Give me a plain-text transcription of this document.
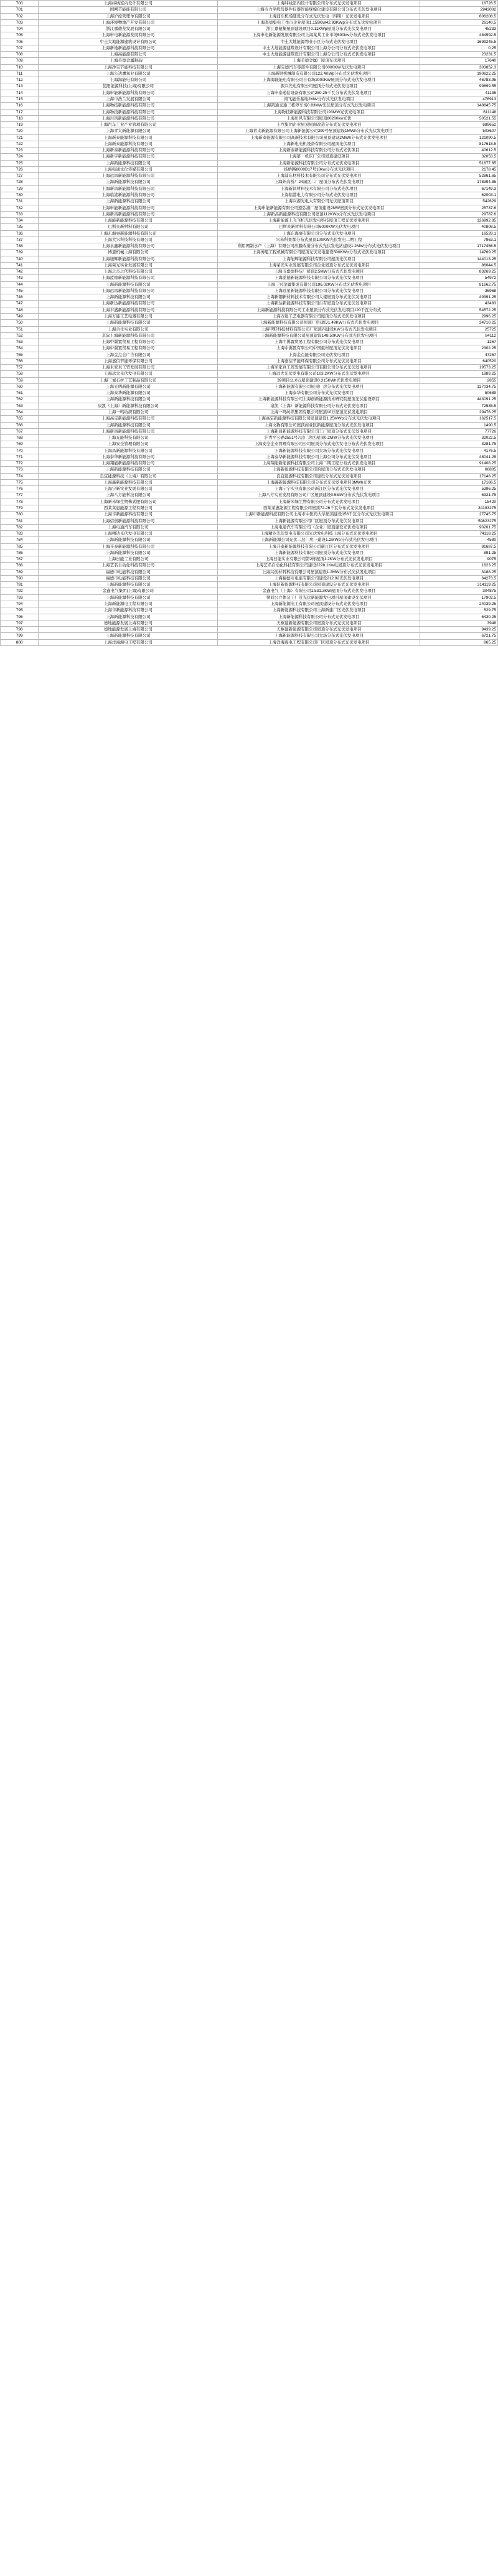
700	上海纬线室内设计有限公司	上海纬线室内设计有限公司分布式光伏发电项目	16726.5
701	国网节能能有限公司	上海市力学股份器件仪器智能规模化建设有限公司分布式光伏发电项目	2943002
702	上海沪控管理单有限公司	上海浦东机场随设分布式光伏发电（四期）光伏发电项目	606208.5
703	上海环境物地产开发有限公司	上海查德集电工作市企业屋顶1.159KW42.93KWp分布式光伏发电项目	26140.5
704	浙江嘉德龙发展有限公司	浙江嘉德集屋顶建设项目0.11KWp屋顶分布式光伏发电项目	45233
705	上海申电新能源发展有限公司	上海申电新能源发展有限公司上海某某工业市场500kw分布式光伏发电项目	484992.5
706	中土大地能源建筑设计有限公司	中土大地能源物业小区分布式光伏发电项目	1699245.5
707	上海新地新能源科技有限公司	中土大地能源建筑设计有限公司上海分公司分布式光伏发电项目	0.25
708	上海高能源有限公司	中土大地能源建筑设计有限公司上海分公司分布式光伏发电项目	23231.5
709	上海美德金属制品厂	上海美德金属厂屋顶光伏项目	17640
710	上海净宝节能科技有限公司	上海宝德汽车零部件有限公司6000KW光伏发电项目	303852.3
711	上海公达鹰氧业有限公司	上海新钢机械制造有限公司122.4KWp分布式光伏发电项目	190622.25
712	上海海能电有限公司	上海海能能电有限公司自有场2000KW屋顶分布式光伏发电项目	46783.95
713	优阳能源科技(上海)有限公司	振兴光电有限公司屋顶分布式光伏发电项目	99899.55
714	上海申能新能源科技有限公司	上海申泰通信设备有限公司250.25千瓦分布式光伏发电项目	41136
715	上海市浩兰发展有限公司	南飞能乐基地2MW分布式光伏发电项目	476913
716	上海物技新能源科技有限公司	上海凯通交通三栋停车场0.83MW光伏屋顶分布式光伏发电项目	148845.75
717	上海物技新能源科技有限公司	上海物技新能源科技有限公司193MW光伏发电项目	611148
718	上海川风新能源科技有限公司	上海川风有限公司屋顶80200kw光伏	50521.55
719	上海汽车工业产业管理有限公司	上汽集团企业屋顶屋面改造分布式光伏发电项目	689652
720	上海青太新能源有限公司	上海青太新能源有限公司上海新能源公司399号屋顶建设1MWh分布式光伏发电项目	503607
721	上海新泰能源科技有限公司	上海新泰能源有限公司高新技术有限公司屋顶建设2MWh分布式光伏发电项目	121090.5
722	上海新泰能源科技有限公司	上海新电电机设备有限公司屋顶光伏项目	817618.5
723	上海新泰新能源科技有限公司	上海新泰新能源科技有限公司分布式光伏项目	40612.5
724	上海新宇新能源科技有限公司	上海第一机床厂公司屋顶建设项目	32053.5
725	上海新能源科技有限公司	上海新能源科技有限公司分布式光伏发电项目	51877.65
726	上海电通文化传媒有限公司	杨桥路8000B17号10kw分布式光伏项目	2178.45
727	上海远昌新能源科技有限公司	上海浦东材料技术有限公司分布式光伏发电项目	52861.65
728	上海新能源科技有限公司	上海外高桥厂24届区二厂屋顶分布式光伏发电项目	178394.85
729	上海新昌新能源科技有限公司	上海新昌材料技术有限公司分布式光伏项目	67149.3
730	上海临港新能源科技有限公司	上海临港电力有限公司分布式光伏发电项目	62003.1
731	上海新能源科技有限公司	上海兴源光电大有限公司光伏屋顶项目	542629
732	上海申能新能源科技有限公司	上海申能新能源有限公司遵弘浦厂屋顶建设2MW屋顶分布式光伏发电项目	25737.6
733	上海新昌新能源科技有限公司	上海新昌新能源科技有限公司屋顶112KWp分布式光伏发电项目	29787.6
734	上海能新能源科技有限公司	上海新能源上飞飞机光伏发电科技屋顶工程光伏发电项目	126992.85
735	巴斯夫新材料有限公司	巴斯夫新材料有限公司6000KW光伏发电项目	40808.5
736	上海东海事新能源科技有限公司	上海东海事有限公司分布式光伏发电项目	16528.1
737	上海大兴科技科技有限公司	兴米科果都分布式屋顶100KW光伏发电二期工程	7963.1
738	上海永鑫新能源科技有限公司	利用网制水产（上海）有限公司应服改造分布式光伏发电站建设1.2MW分布式光伏发电项目	1717456.5
739	博恩机械上海有限公司	上海博恩工程机械有限公司屋顶光伏发电建设500KWp分布式光伏发电项目	14769.25
740	上海旭辉新能源科技有限公司	上海旭辉能源科技有限公司屋顶光伏项目	144013.25
741	上海荣光实业发展有限公司	上海荣光实业发展有限公司企业屋顶分布式光伏发电项目	86044.5
742	上海之杰之代科技有限公司	上海市嘉德科技厂屋顶2.5MW分布式光伏发电项目	83269.25
743	上海蓝德新能源科技有限公司	上海蓝德新能源科技有限公司分布式光伏发电项目	54972
744	上海新能源科技有限公司	上海三兴金属集成有限公司196.02KW分布式光伏发电项目	81662.75
745	上海远昌新能源科技有限公司	上海远星新能源科技有限公司分布式光伏发电项目	36968
746	上海新能源科技有限公司	上海新钢新材料技术有限公司大楼屋顶分布式光伏发电项目	49391.25
747	上海新达新能源科技有限公司	上海新达新能源科技有限公司自有屋顶分布式光伏发电项目	43483
748	上海丰盛新能源科技有限公司	上海新能源科技有限公司工业屋顶分布式光伏发电项目120千瓦分布式	54572.25
749	上海万能工艺电器有限公司	上海万能工艺电器有限公司屋顶分布式光伏发电项目	2996.25
750	上海新能源科技有限公司	上海新能源科技有限公司屋顶厂房建设1.49KW分布式光伏发电项目	34710.25
751	上海合仕实业有限公司	上海甲野科技材料有限公司厂屋顶四建设KW分布式光伏发电项目	25725
752	京际上海新能源科技有限公司	上海新能源科技有限公司屋顶建设148.50KW分布式光伏发电项目	84112
753	上海中翼置贸易工程有限公司	上海中翼置贸易工程有限公司分布式光伏发电项目	1267
754	上海中翼置贸易工程有限公司	上海中翼置有限公司中国重材屋顶光伏发电项目	2302.25
755	上海金点会广告有限公司	上海金点能有限公司光伏发电项目	47267
756	上海嘉信节能环保有限公司	上海嘉信节能环保有限公司分布式光伏发电项目	640520
757	上海米家真工贸发展有限公司	上海米家真工贸发展有限公司有限公司分布式光伏发电项目	19573.25
758	上海远大光伏发电有限公司	上海远大光伏发电有限公司103.2KW分布式光伏发电项目	1889.25
759	上海三诚石材工艺制品有限公司	39项目11.0万屋顶建设0.315KWh光伏发电项目	2855
760	上海光明新能源有限公司	上海新能源有限公司屋顶厂房分布式光伏发电项目	137034.75
761	上海泰华新能源有限公司	上海泰华有限公司分布式光伏发电项目	50689
762	上海新能源科技有限公司	上海新能源科技有限公司上海创新能源技术研究院屋顶光伏建设项目	443091.25
763	泉凯（上海）新能源科技有限公司	泉凯（上海）新能源科技有限公司分布式光伏发电项目	72535.5
764	上海一鸣纺织有限公司	上海一鸣纺织集团有限公司屋顶10万屋顶光伏发电项目	29476.25
765	上海高宝新能源科技有限公司	上海高宝新能源科技有限公司屋顶建设1.25MWp分布式光伏发电项目	162517.5
766	上海新能源科技有限公司	上海文物有限公司屋顶商业区新能源屋顶分布式光伏发电项目	1490.5
767	上海新昌新能源科技有限公司	上海新昌新能源科技有限公司工厂屋顶分布式光伏发电项目	77726
768	上海光能科技有限公司	沪青平公路2551号7层厂房区屋顶0.2MW分布式光伏发电项目	32022.5
769	上海安全管理有限公司	上海安全企业管理有限公司公司屋顶分布式光伏发电分布式光伏发电项目	3281.75
770	上海昌新能源科技有限公司	上海新能源科技有限公司大场分布式光伏发电项目	4176.5
771	上海泰华新能源科技有限公司	上海泰华新能源科技有限公司上海公司分布式光伏发电项目	48041.25
772	上海翔能新能源科技有限公司	上海翔能新能源科技有限公司上海二期工程分布式光伏发电项目	91408.25
773	上海新能源科技有限公司	上海新能源科技有限公司的屋顶分布式光伏发电项目	66805
774	良宜能源科技（上海）有限公司	良宜能源科技有限公司建设分布式光伏发电项目	17148.25
775	上海鑫新能源科技有限公司	上海鑫新能源科技有限公司分布式光伏发电项目3MWh光伏	17186.5
776	上海宁新实业发展有限公司	上海宁宁实业有限公司新江区分布式光伏发电项目	5396.25
777	上海八方能科技有限公司	上海八方实业发展有限公司厂区屋顶建设0.5MW分布式光伏发电项目	6321.75
778	上海新米绿生物株式肥有限公司	上海新米绿生物有限公司分布式光伏发电项目	15420
779	西莱莱惠能源工程有限公司	西莱莱惠能源工程有限公司屋顶72.26千瓦分布式光伏发电项目	34193275
780	上海市新能源科技有限公司	上海市新能源科技有限公司上海市中医药大学屋顶建设156千瓦分布式光伏发电项目	27745.75
781	上海信创新能源科技有限公司	上海新能源有限公司厂区屋顶分布式光伏发电项目	59823275
782	上海电通汽车有限公司	上海电通汽车有限公司（企业）屋顶建设光伏发电项目	90201.75
783	上海精达光伏发电有限公司	上海精达光伏发电有限公司光伏发电科技上海分布式光伏发电项目	74118.25
784	上海新能源科技有限公司	上海新能源公司光伏二层厂房三建设1.2MWp分布式光伏发电项目	4580
785	上海开泰新能源科技有限公司	上海开泰新能源科技有限公司新江区分布式光伏发电项目	81687.5
786	上海新能源科技有限公司	上海新能源科技有限公司屋顶分布式光伏发电项目	891.25
787	上海日能工业有限公司	上海日能实业有限公司第2栋屋顶1.2KW分布式光伏发电项目	9075
788	上海艺名自动化科技有限公司	上海艺名自动化科技有限公司建设2228.1Kw电屋顶分布式光伏发电项目	1623.25
789	福德市电能科技有限公司	上海兴创材料科技有限公司屋顶建设1.2MW分布式光伏发电项目	3188.25
790	福德市电能科技有限公司	上海福德市电能有限公司建设212.92光伏发电项目	64273.5
791	上海新能源科技有限公司	上海信新能源科技有限公司屋顶建设分布式光伏发电项目	314119.25
792	金鑫电气集团(上海)有限公司	金鑫电气（上海）有限公司1.531.3KW屋顶分布式光伏发电项目	304875
793	上海新能源科技有限公司	期间公立体及工厂及光伏新能源发电项目屋顶建设光伏项目	17902.5
794	上海新能源电工程有限公司	上海新能源电工有限公司屋顶建设分布式光伏发电项目	24039.25
795	上海市新能源科技有限公司	上海新能源科技有限公司上海新建厂区光伏发电项目	529.75
796	上海新能源科技有限公司	上海新能源科技有限公司分布式光伏发电项目	6430.25
797	德地能源发展上海有限公司	天枢建新能源有限公司屋顶分布式光伏发电项目	3948
798	德地能源发展上海有限公司	天枢建新能源有限公司屋顶分布式光伏发电项目	9439.25
799	上海新能源科技有限公司	上海新能源科技有限公司大场分布式光伏发电项目	6721.75
800	上海洋海海电工程有限公司	上海洋海海电工程有限公司厂区屋顶分布式光伏发电项目	865.25
